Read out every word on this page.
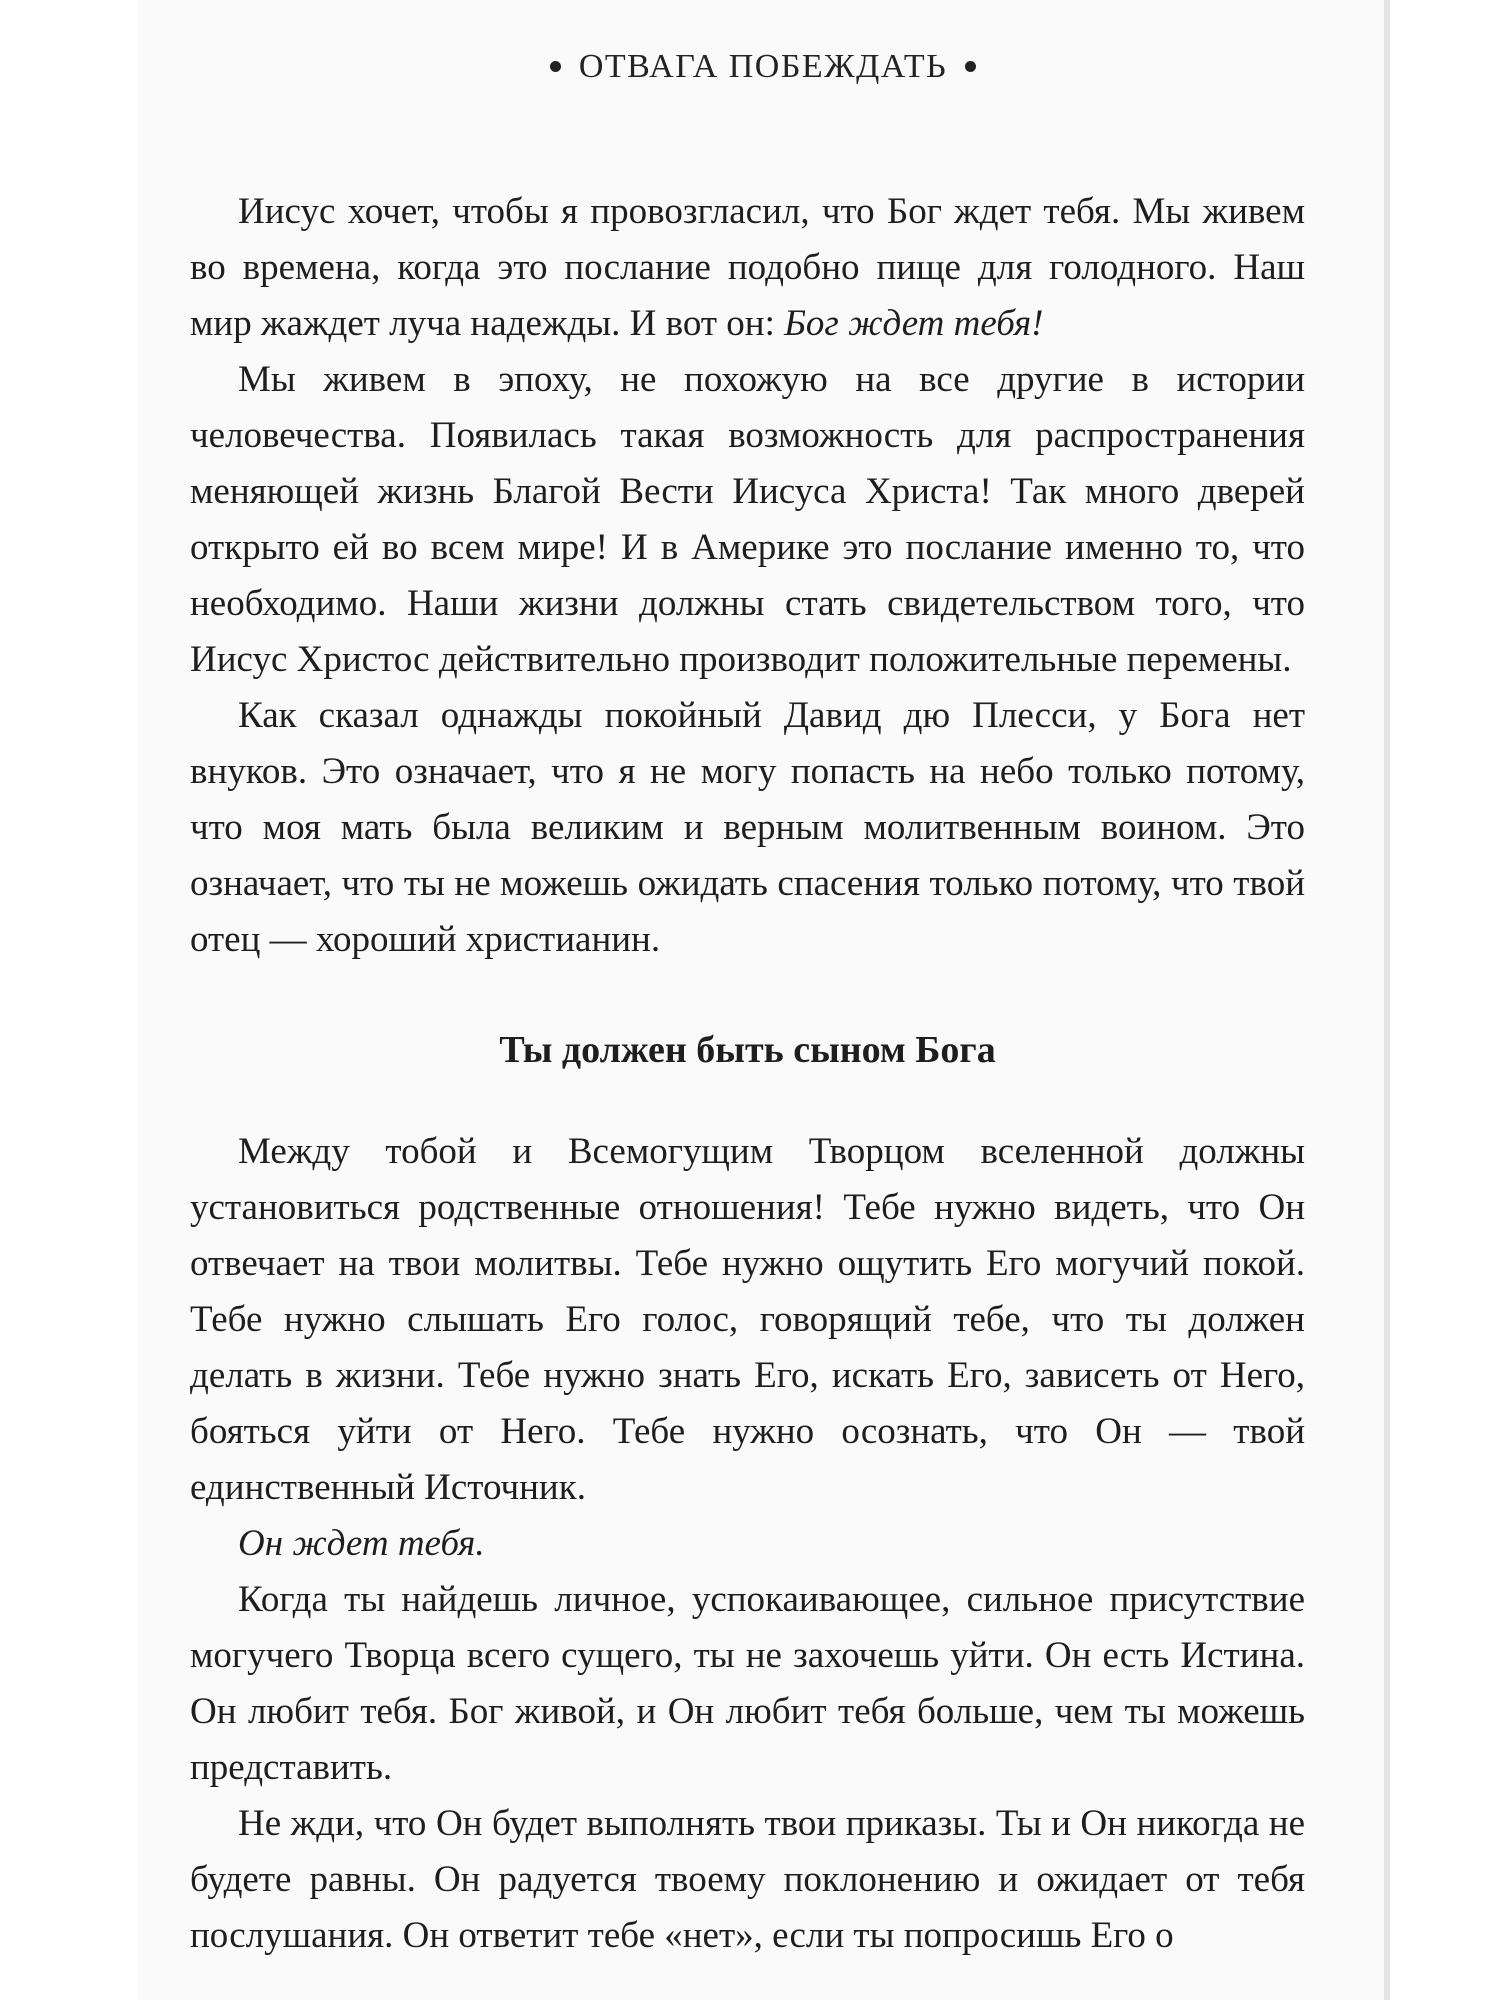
ОТВАГА ПОБЕЖДАТЬ

Иисус хочет, чтобы я провозгласил, что Бог ждет тебя. Мы живем во времена, когда это послание подобно пище для голодного. Наш мир жаждет луча надежды. И вот он: Бог ждет тебя!

Мы живем в эпоху, не похожую на все другие в истории человечества. Появилась такая возможность для распространения меняющей жизнь Благой Вести Иисуса Христа! Так много дверей открыто ей во всем мире! И в Америке это послание именно то, что необходимо. Наши жизни должны стать свидетельством того, что Иисус Христос действительно производит положительные перемены.

Как сказал однажды покойный Давид дю Плесси, у Бога нет внуков. Это означает, что я не могу попасть на небо только потому, что моя мать была великим и верным молитвенным воином. Это означает, что ты не можешь ожидать спасения только потому, что твой отец — хороший христианин.

Ты должен быть сыном Бога

Между тобой и Всемогущим Творцом вселенной должны установиться родственные отношения! Тебе нужно видеть, что Он отвечает на твои молитвы. Тебе нужно ощутить Его могучий покой. Тебе нужно слышать Его голос, говорящий тебе, что ты должен делать в жизни. Тебе нужно знать Его, искать Его, зависеть от Него, бояться уйти от Него. Тебе нужно осознать, что Он — твой единственный Источник.

Он ждет тебя.

Когда ты найдешь личное, успокаивающее, сильное присутствие могучего Творца всего сущего, ты не захочешь уйти. Он есть Истина. Он любит тебя. Бог живой, и Он любит тебя больше, чем ты можешь представить.

Не жди, что Он будет выполнять твои приказы. Ты и Он никогда не будете равны. Он радуется твоему поклонению и ожидает от тебя послушания. Он ответит тебе «нет», если ты попросишь Его о
